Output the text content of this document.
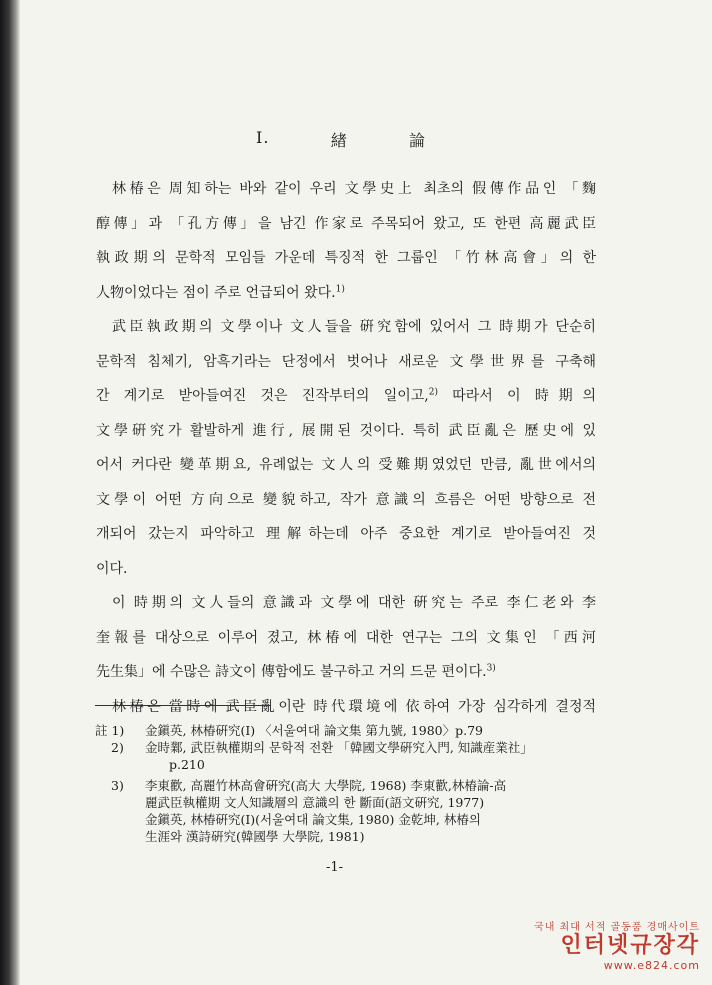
Ⅰ.	緖	論
林椿은 周知하는 바와 같이 우리 文學史上 최초의 假傳作品인 「麴
醇傳」과 「孔方傳」을 남긴 作家로 주목되어 왔고, 또 한편 高麗武臣
執政期의 문학적 모임들 가운데 특징적 한 그룹인 「竹林高會」의 한
人物이었다는 점이 주로 언급되어 왔다.$^{1)}$
武臣執政期의 文學이나 文人들을 硏究함에 있어서 그 時期가 단순히
문학적 침체기, 암흑기라는 단정에서 벗어나 새로운 文學世界를 구축해
간 계기로 받아들여진 것은 진작부터의 일이고,$^{2)}$ 따라서 이 時期의
文學硏究가 활발하게 進行, 展開된 것이다. 특히 武臣亂은 歷史에 있
어서 커다란 變革期요, 유례없는 文人의 受難期였었던 만큼, 亂世에서의
文學이 어떤 方向으로 變貌하고, 작가 意識의 흐름은 어떤 방향으로 전
개되어 갔는지 파악하고 理解하는데 아주 중요한 계기로 받아들여진 것
이다.
이 時期의 文人들의 意識과 文學에 대한 硏究는 주로 李仁老와 李
奎報를 대상으로 이루어 졌고, 林椿에 대한 연구는 그의 文集인 「西河
先生集」에 수많은 詩文이 傳함에도 불구하고 거의 드문 편이다.$^{3)}$
林椿은 當時에 武臣亂이란 時代環境에 依하여 가장 심각하게 결정적
註 1)	金鎭英, 林椿硏究(Ⅰ) 〈서울여대 論文集 第九號, 1980〉p.79
2)	金時鄴, 武臣執權期의 문학적 전환 「韓國文學硏究入門, 知識産業社」
p.210
3)	李東歡, 高麗竹林高會硏究(高大 大學院, 1968) 李東歡,林椿論-高
麗武臣執權期 文人知識層의 意識의 한 斷面(語文硏究, 1977)
金鎭英, 林椿硏究(Ⅰ)(서울여대 論文集, 1980) 金乾坤, 林椿의
生涯와 漢詩硏究(韓國學 大學院, 1981)
-1-
국내 최대 서적 골동품 경매사이트
인터넷규장각
www.e824.com
